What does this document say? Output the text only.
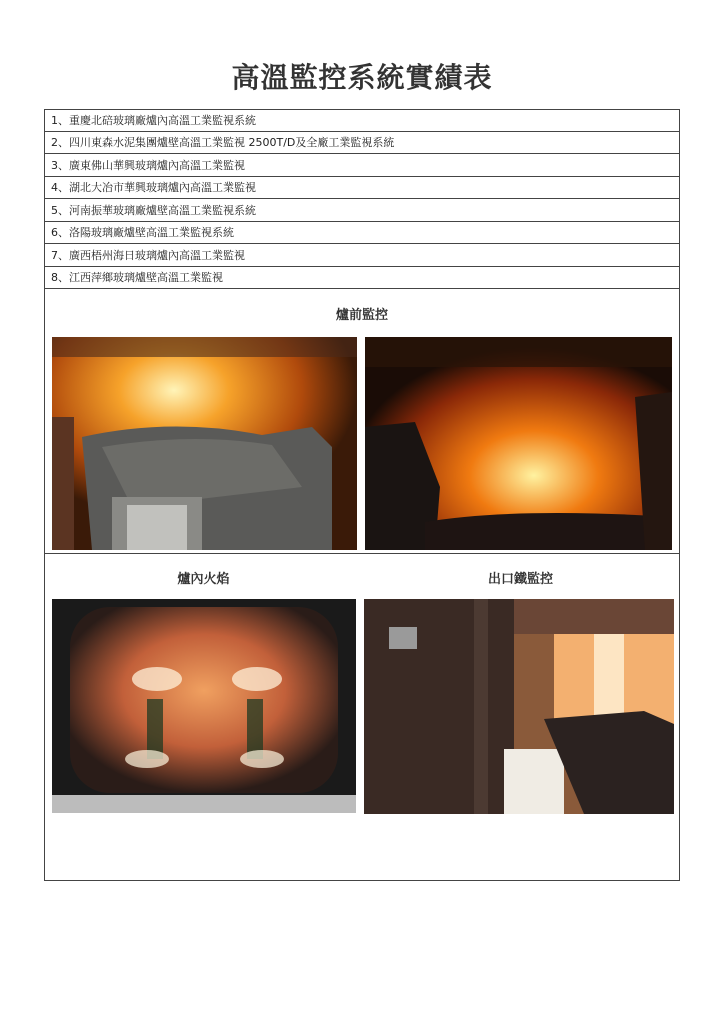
高溫監控系統實績表
1、重慶北碚玻璃廠爐內高溫工業監視系統
2、四川東森水泥集團爐壁高溫工業監視 2500T/D及全廠工業監視系統
3、廣東佛山華興玻璃爐內高溫工業監視
4、湖北大冶市華興玻璃爐內高溫工業監視
5、河南振華玻璃廠爐壁高溫工業監視系統
6、洛陽玻璃廠爐壁高溫工業監視系統
7、廣西梧州海日玻璃爐內高溫工業監視
8、江西萍鄉玻璃爐壁高溫工業監視
爐前監控
爐內火焰	出口鐵監控
